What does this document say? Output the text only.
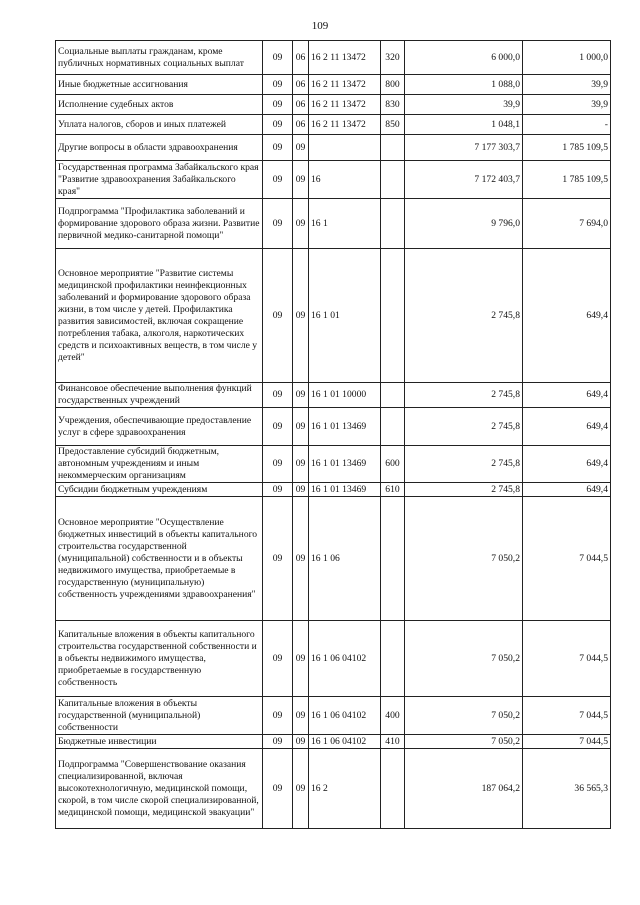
109
Социальные выплаты гражданам, кроме публичных нормативных социальных выплат	09	06	16 2 11 13472	320	6 000,0	1 000,0
Иные бюджетные ассигнования	09	06	16 2 11 13472	800	1 088,0	39,9
Исполнение судебных актов	09	06	16 2 11 13472	830	39,9	39,9
Уплата налогов, сборов и иных платежей	09	06	16 2 11 13472	850	1 048,1	-
Другие вопросы в области здравоохранения	09	09			7 177 303,7	1 785 109,5
Государственная программа Забайкальского края "Развитие здравоохранения Забайкальского края"	09	09	16		7 172 403,7	1 785 109,5
Подпрограмма "Профилактика заболеваний и формирование здорового образа жизни. Развитие первичной медико-санитарной помощи"	09	09	16 1		9 796,0	7 694,0
Основное мероприятие "Развитие системы медицинской профилактики неинфекционных заболеваний и формирование здорового образа жизни, в том числе у детей. Профилактика развития зависимостей, включая сокращение потребления табака, алкоголя, наркотических средств и психоактивных веществ, в том числе у детей"	09	09	16 1 01		2 745,8	649,4
Финансовое обеспечение выполнения функций государственных учреждений	09	09	16 1 01 10000		2 745,8	649,4
Учреждения, обеспечивающие предоставление услуг в сфере здравоохранения	09	09	16 1 01 13469		2 745,8	649,4
Предоставление субсидий бюджетным, автономным учреждениям и иным некоммерческим организациям	09	09	16 1 01 13469	600	2 745,8	649,4
Субсидии бюджетным учреждениям	09	09	16 1 01 13469	610	2 745,8	649,4
Основное мероприятие "Осуществление бюджетных инвестиций в объекты капитального строительства государственной (муниципальной) собственности и в объекты недвижимого имущества, приобретаемые в государственную (муниципальную) собственность учреждениями здравоохранения"	09	09	16 1 06		7 050,2	7 044,5
Капитальные вложения в объекты капитального строительства государственной собственности и в объекты недвижимого имущества, приобретаемые в государственную собственность	09	09	16 1 06 04102		7 050,2	7 044,5
Капитальные вложения в объекты государственной (муниципальной) собственности	09	09	16 1 06 04102	400	7 050,2	7 044,5
Бюджетные инвестиции	09	09	16 1 06 04102	410	7 050,2	7 044,5
Подпрограмма "Совершенствование оказания специализированной, включая высокотехнологичную, медицинской помощи, скорой, в том числе скорой специализированной, медицинской помощи, медицинской эвакуации"	09	09	16 2		187 064,2	36 565,3
